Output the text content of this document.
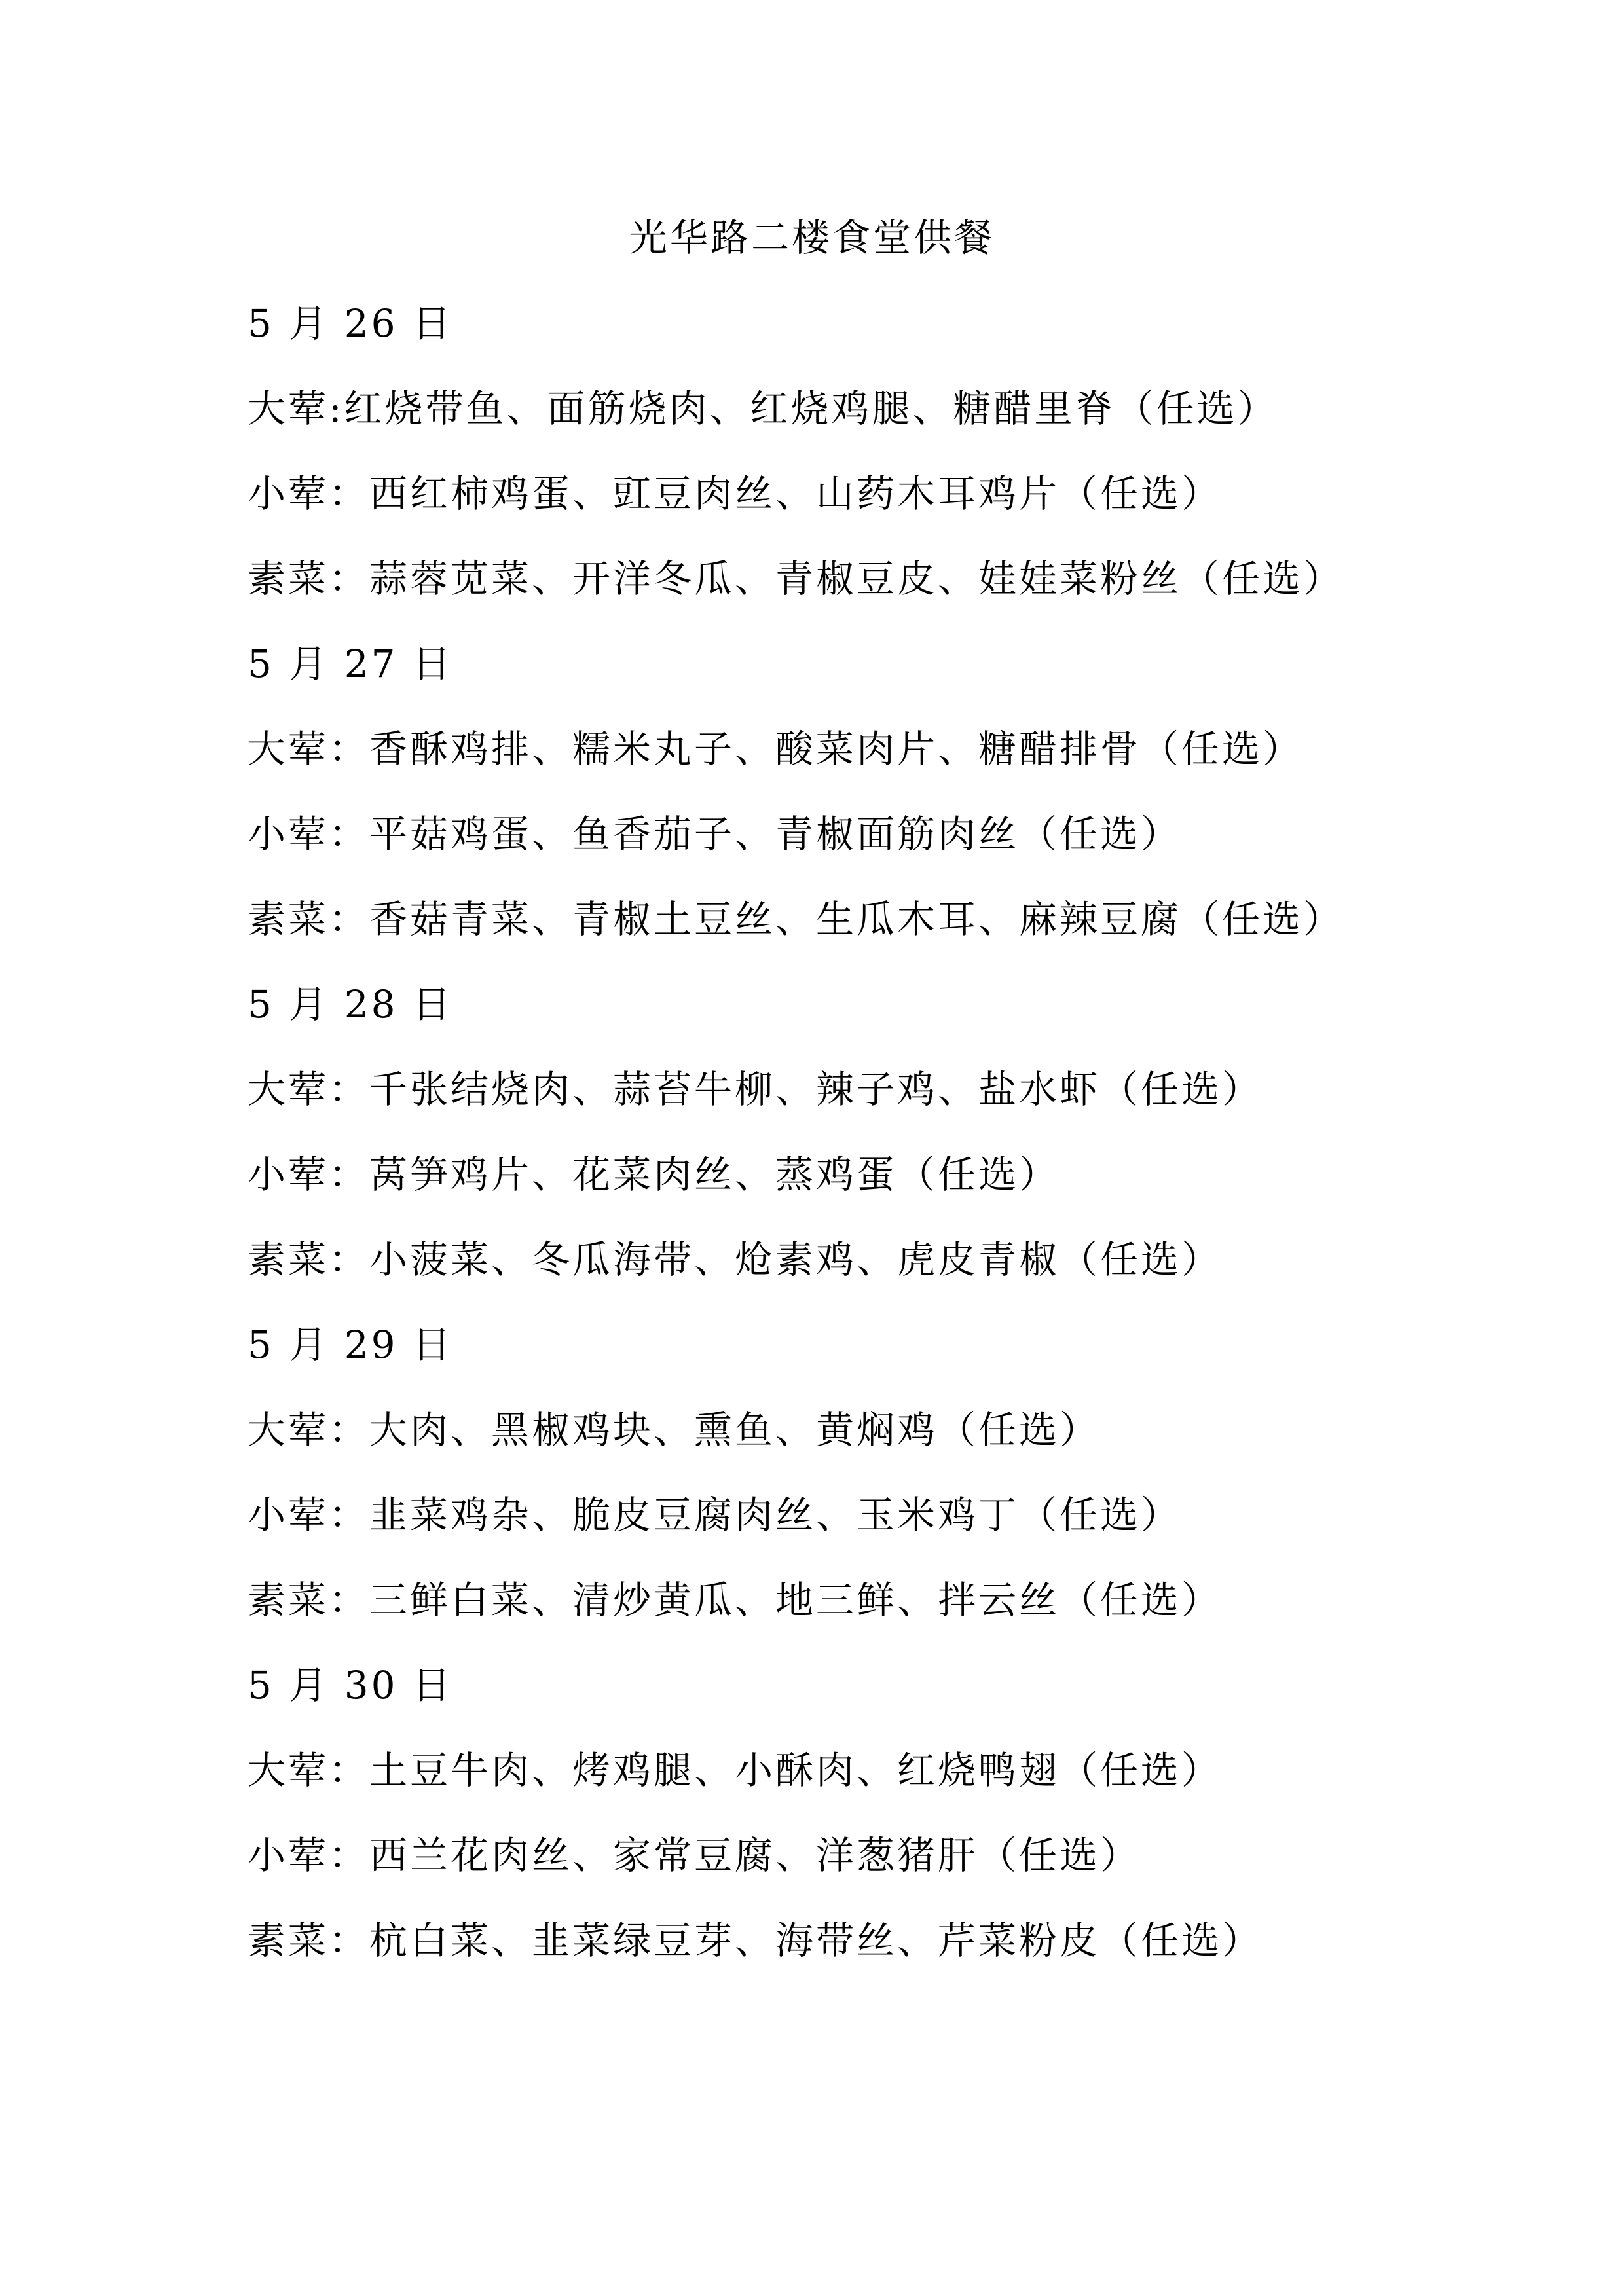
光华路二楼食堂供餐
5 月 26 日
大荤:红烧带鱼、面筋烧肉、红烧鸡腿、糖醋里脊（任选）
小荤：西红柿鸡蛋、豇豆肉丝、山药木耳鸡片（任选）
素菜：蒜蓉苋菜、开洋冬瓜、青椒豆皮、娃娃菜粉丝（任选）
5 月 27 日
大荤：香酥鸡排、糯米丸子、酸菜肉片、糖醋排骨（任选）
小荤：平菇鸡蛋、鱼香茄子、青椒面筋肉丝（任选）
素菜：香菇青菜、青椒土豆丝、生瓜木耳、麻辣豆腐（任选）
5 月 28 日
大荤：千张结烧肉、蒜苔牛柳、辣子鸡、盐水虾（任选）
小荤：莴笋鸡片、花菜肉丝、蒸鸡蛋（任选）
素菜：小菠菜、冬瓜海带、炝素鸡、虎皮青椒（任选）
5 月 29 日
大荤：大肉、黑椒鸡块、熏鱼、黄焖鸡（任选）
小荤：韭菜鸡杂、脆皮豆腐肉丝、玉米鸡丁（任选）
素菜：三鲜白菜、清炒黄瓜、地三鲜、拌云丝（任选）
5 月 30 日
大荤：土豆牛肉、烤鸡腿、小酥肉、红烧鸭翅（任选）
小荤：西兰花肉丝、家常豆腐、洋葱猪肝（任选）
素菜：杭白菜、韭菜绿豆芽、海带丝、芹菜粉皮（任选）
